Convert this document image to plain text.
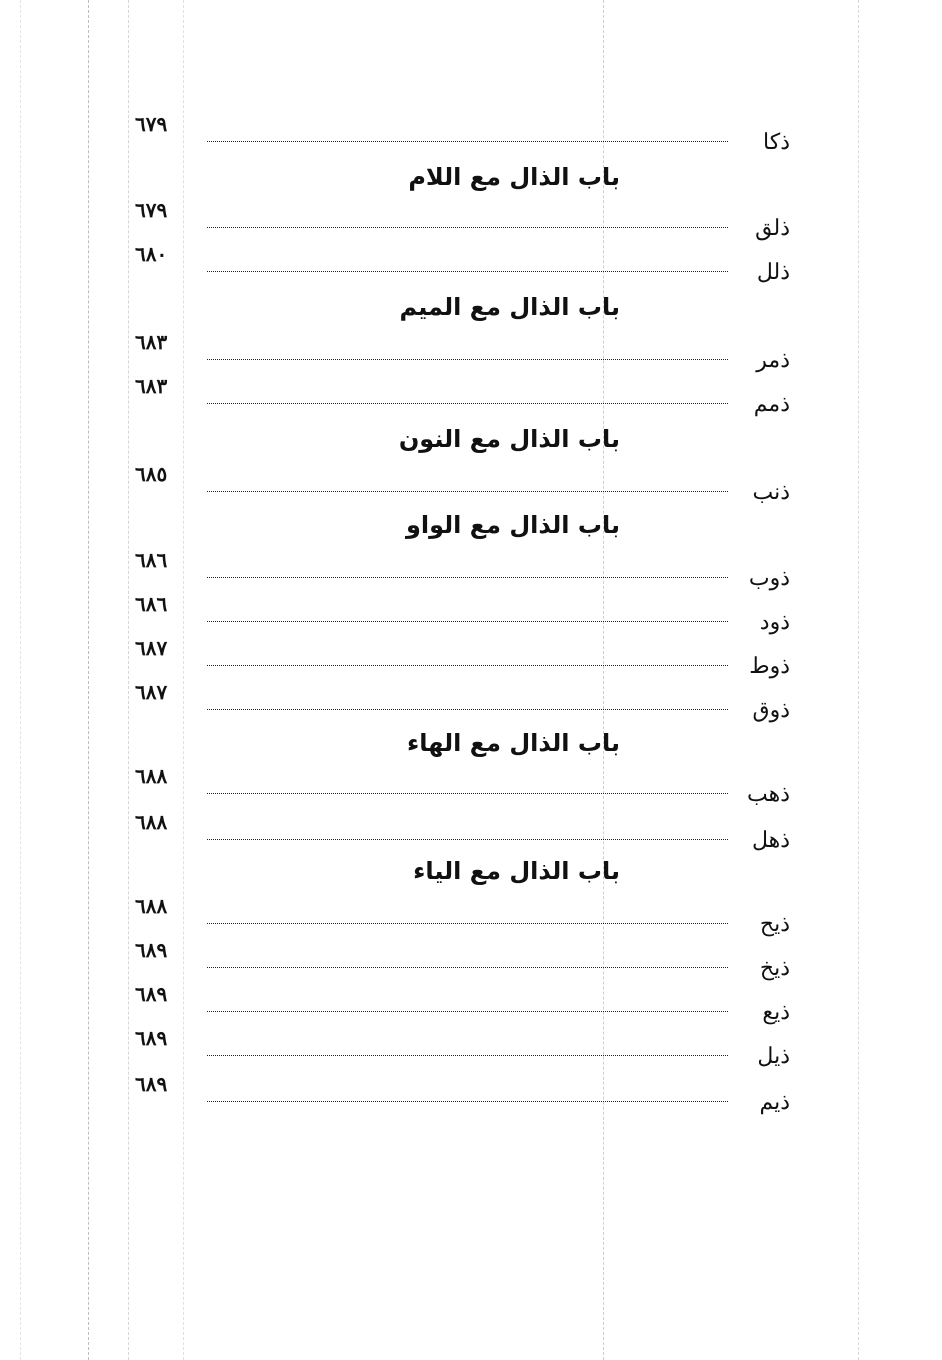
٦٧٩
ذكا
باب الذال مع اللام
٦٧٩
ذلق
٦٨٠
ذلل
باب الذال مع الميم
٦٨٣
ذمر
٦٨٣
ذمم
باب الذال مع النون
٦٨٥
ذنب
باب الذال مع الواو
٦٨٦
ذوب
٦٨٦
ذود
٦٨٧
ذوط
٦٨٧
ذوق
باب الذال مع الهاء
٦٨٨
ذهب
٦٨٨
ذهل
باب الذال مع الياء
٦٨٨
ذيح
٦٨٩
ذيخ
٦٨٩
ذيع
٦٨٩
ذيل
٦٨٩
ذيم
